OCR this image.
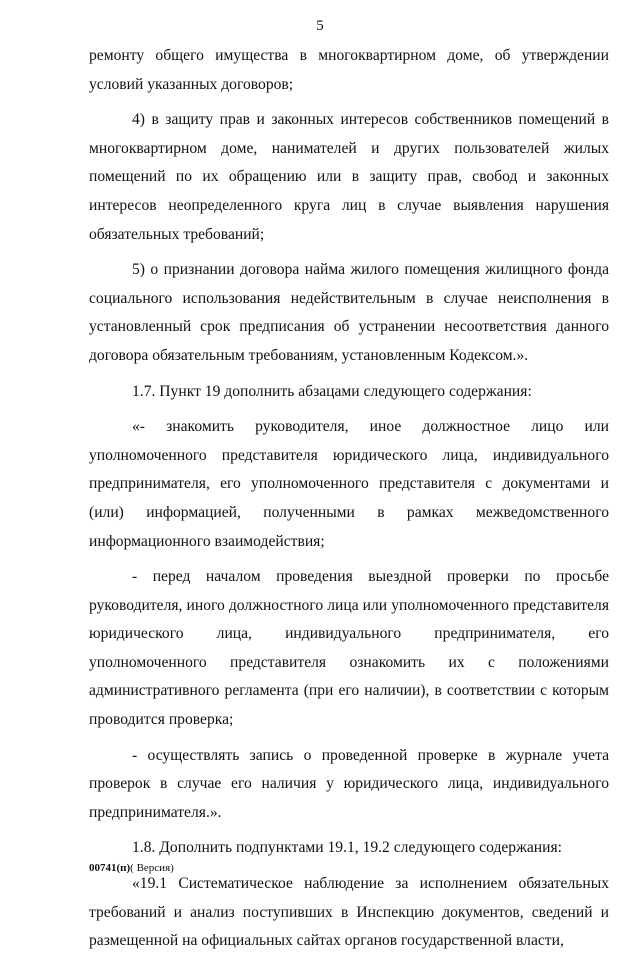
5

ремонту общего имущества в многоквартирном доме, об утверждении условий указанных договоров;

4) в защиту прав и законных интересов собственников помещений в многоквартирном доме, нанимателей и других пользователей жилых помещений по их обращению или в защиту прав, свобод и законных интересов неопределенного круга лиц в случае выявления нарушения обязательных требований;

5) о признании договора найма жилого помещения жилищного фонда социального использования недействительным в случае неисполнения в установленный срок предписания об устранении несоответствия данного договора обязательным требованиям, установленным Кодексом.».

1.7. Пункт 19 дополнить абзацами следующего содержания:

«- знакомить руководителя, иное должностное лицо или уполномоченного представителя юридического лица, индивидуального предпринимателя, его уполномоченного представителя с документами и (или) информацией, полученными в рамках межведомственного информационного взаимодействия;

- перед началом проведения выездной проверки по просьбе руководителя, иного должностного лица или уполномоченного представителя юридического лица, индивидуального предпринимателя, его уполномоченного представителя ознакомить их с положениями административного регламента (при его наличии), в соответствии с которым проводится проверка;

- осуществлять запись о проведенной проверке в журнале учета проверок в случае его наличия у юридического лица, индивидуального предпринимателя.».

1.8. Дополнить подпунктами 19.1, 19.2 следующего содержания:

«19.1 Систематическое наблюдение за исполнением обязательных требований и анализ поступивших в Инспекцию документов, сведений и размещенной на официальных сайтах органов государственной власти,

00741(п)( Версия)
